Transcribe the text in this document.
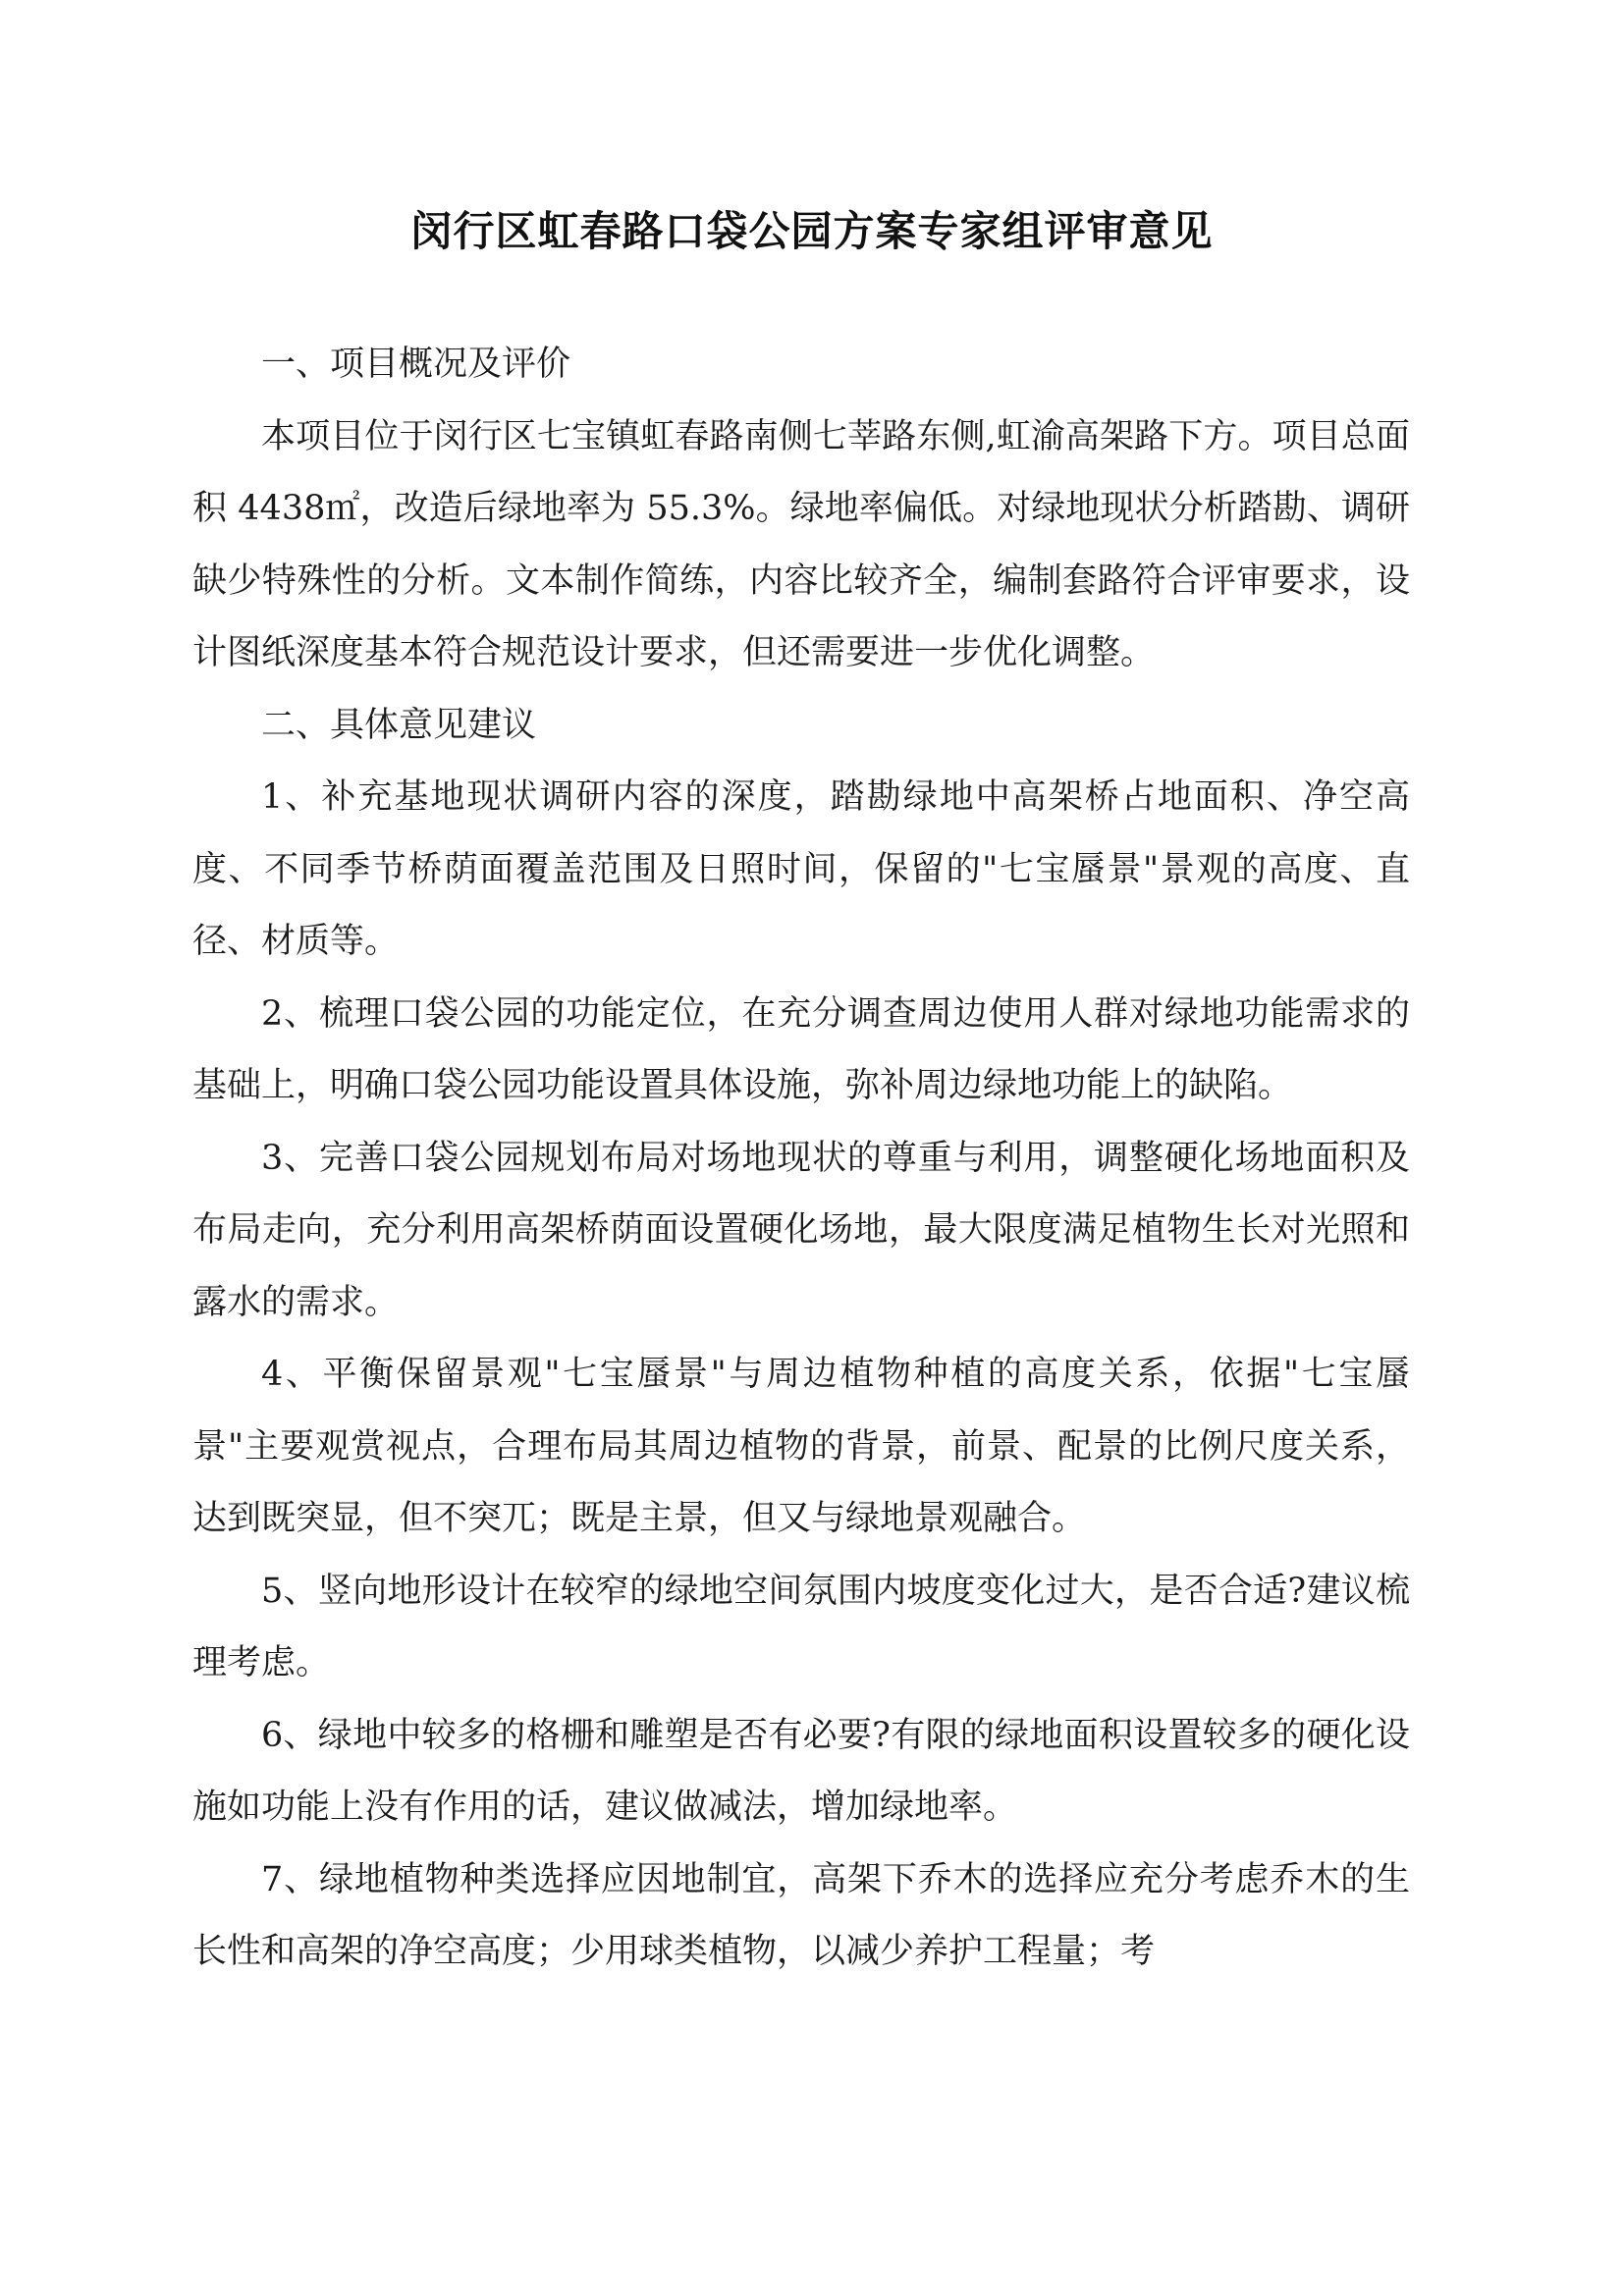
闵行区虹春路口袋公园方案专家组评审意见

一、项目概况及评价

本项目位于闵行区七宝镇虹春路南侧七莘路东侧,虹渝高架路下方。项目总面积 4438㎡，改造后绿地率为 55.3%。绿地率偏低。对绿地现状分析踏勘、调研缺少特殊性的分析。文本制作简练，内容比较齐全，编制套路符合评审要求，设计图纸深度基本符合规范设计要求，但还需要进一步优化调整。

二、具体意见建议

1、补充基地现状调研内容的深度，踏勘绿地中高架桥占地面积、净空高度、不同季节桥荫面覆盖范围及日照时间，保留的"七宝蜃景"景观的高度、直径、材质等。

2、梳理口袋公园的功能定位，在充分调查周边使用人群对绿地功能需求的基础上，明确口袋公园功能设置具体设施，弥补周边绿地功能上的缺陷。

3、完善口袋公园规划布局对场地现状的尊重与利用，调整硬化场地面积及布局走向，充分利用高架桥荫面设置硬化场地，最大限度满足植物生长对光照和露水的需求。

4、平衡保留景观"七宝蜃景"与周边植物种植的高度关系，依据"七宝蜃景"主要观赏视点，合理布局其周边植物的背景，前景、配景的比例尺度关系，达到既突显，但不突兀；既是主景，但又与绿地景观融合。

5、竖向地形设计在较窄的绿地空间氛围内坡度变化过大，是否合适?建议梳理考虑。

6、绿地中较多的格栅和雕塑是否有必要?有限的绿地面积设置较多的硬化设施如功能上没有作用的话，建议做减法，增加绿地率。

7、绿地植物种类选择应因地制宜，高架下乔木的选择应充分考虑乔木的生长性和高架的净空高度；少用球类植物，以减少养护工程量；考
